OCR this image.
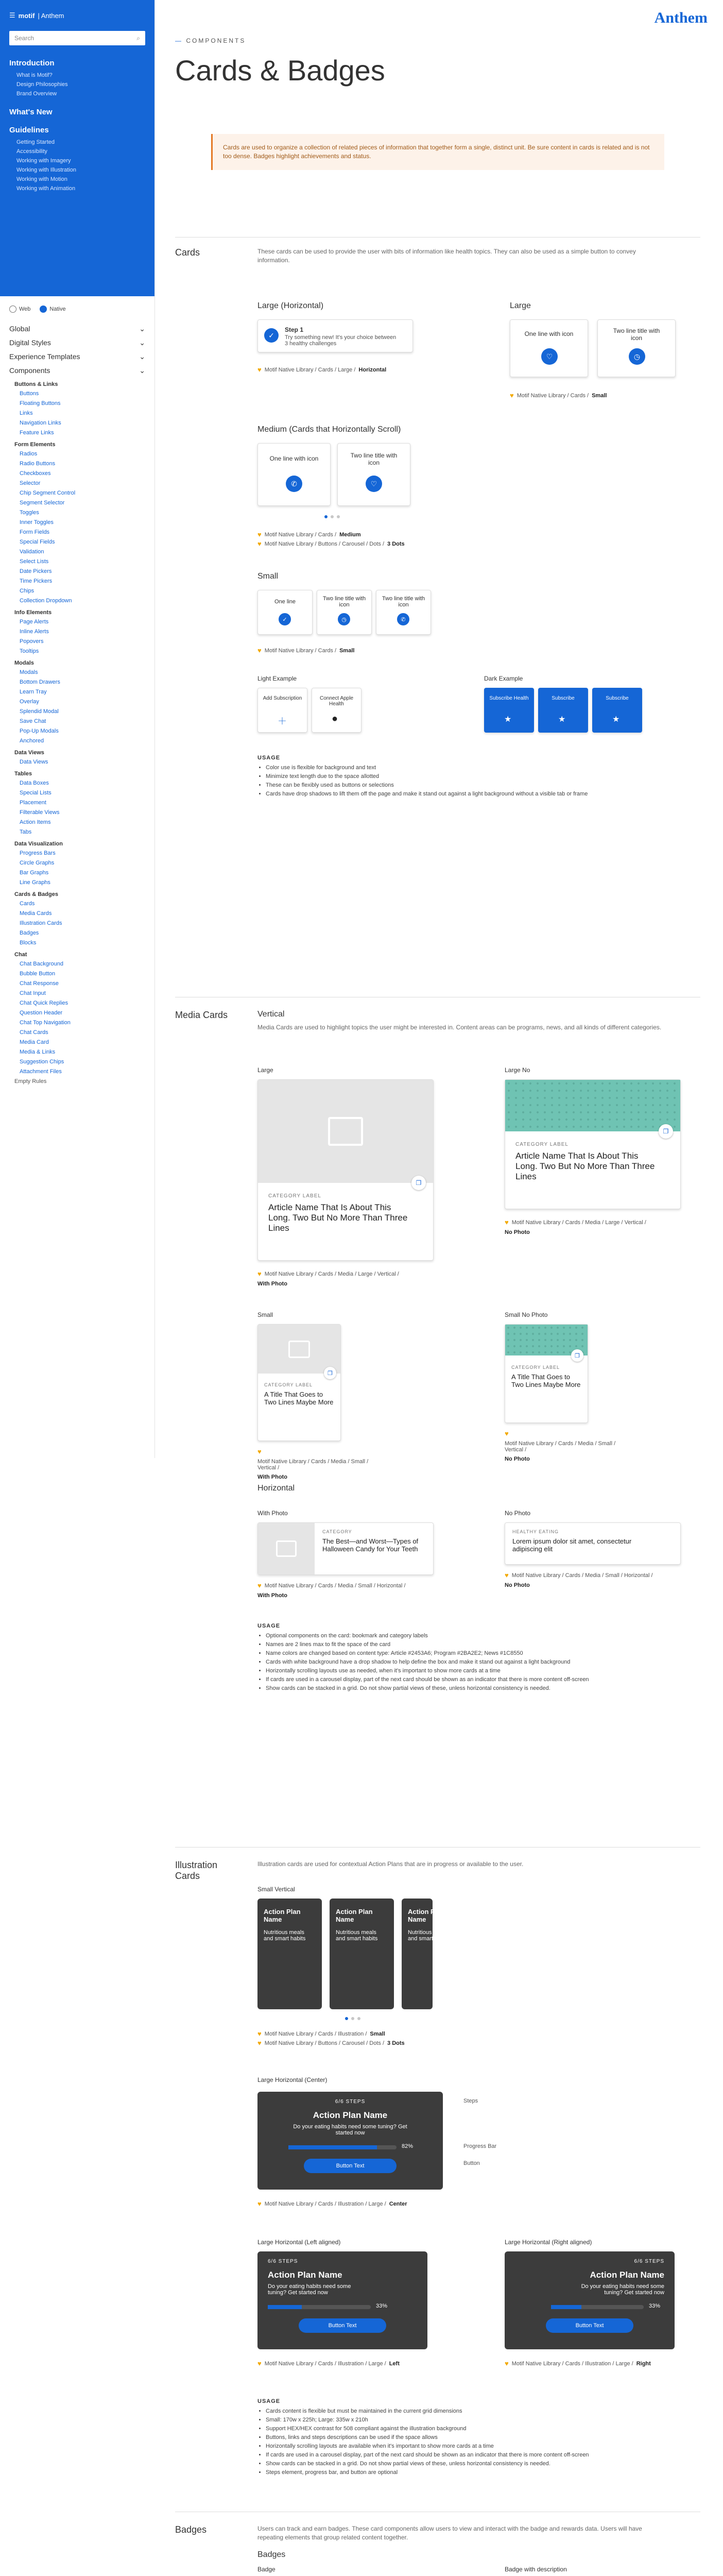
☰ motif | Anthem
Search	⌕
Introduction
What is Motif?
Design Philosophies
Brand Overview
What's New
Guidelines
Getting Started
Accessibility
Working with Imagery
Working with Illustration
Working with Motion
Working with Animation
Web	Native
Global	⌄
Digital Styles	⌄
Experience Templates	⌄
Components	⌄
Buttons & Links
Buttons
Floating Buttons
Links
Navigation Links
Feature Links
Form Elements
Radios
Radio Buttons
Checkboxes
Selector
Chip Segment Control
Segment Selector
Toggles
Inner Toggles
Form Fields
Special Fields
Validation
Select Lists
Date Pickers
Time Pickers
Chips
Collection Dropdown
Info Elements
Page Alerts
Inline Alerts
Popovers
Tooltips
Modals
Modals
Bottom Drawers
Learn Tray
Overlay
Splendid Modal
Save Chat
Pop-Up Modals
Anchored
Data Views
Data Views
Tables
Data Boxes
Special Lists
Placement
Filterable Views
Action Items
Tabs
Data Visualization
Progress Bars
Circle Graphs
Bar Graphs
Line Graphs
Cards & Badges
Cards
Media Cards
Illustration Cards
Badges
Blocks
Chat
Chat Background
Bubble Button
Chat Response
Chat Input
Chat Quick Replies
Question Header
Chat Top Navigation
Chat Cards
Media Card
Media & Links
Suggestion Chips
Attachment Files
Empty Rules
Anthem
— COMPONENTS
Cards & Badges
Cards are used to organize a collection of related pieces of information that together form a single, distinct unit. Be sure content in cards is related and is not too dense. Badges highlight achievements and status.
Cards	These cards can be used to provide the user with bits of information like health topics. They can also be used as a simple button to convey information.
Large (Horizontal)
✓
Step 1
Try something new! It's your choice between 3 healthy challenges
♥ Motif Native Library / Cards / Large / Horizontal
Large
One line with icon
♡
Two line title with icon
◷
♥ Motif Native Library / Cards / Small
Medium (Cards that Horizontally Scroll)
One line with icon
✆
Two line title with icon
♡
♥ Motif Native Library / Cards / Medium
♥ Motif Native Library / Buttons / Carousel / Dots / 3 Dots
Small
One line
✓
Two line title with icon
◷
Two line title with icon
✆
♥ Motif Native Library / Cards / Small
Light Example
Add Subscription
＋
Connect Apple Health
●
Dark Example
Subscribe Health
★
Subscribe
★
Subscribe
★
USAGE
• Color use is flexible for background and text
• Minimize text length due to the space allotted
• These can be flexibly used as buttons or selections
• Cards have drop shadows to lift them off the page and make it stand out against a light background without a visible tab or frame
Media Cards	Vertical
Media Cards are used to highlight topics the user might be interested in. Content areas can be programs, news, and all kinds of different categories.
Large
❐
CATEGORY LABEL
Article Name That Is About This Long. Two But No More Than Three Lines
♥ Motif Native Library / Cards / Media / Large / Vertical /
With Photo
Large No
❐
CATEGORY LABEL
Article Name That Is About This Long. Two But No More Than Three Lines
♥ Motif Native Library / Cards / Media / Large / Vertical /
No Photo
Small
❐
CATEGORY LABEL
A Title That Goes to Two Lines Maybe More
♥
Motif Native Library / Cards / Media / Small / Vertical /
With Photo
Small No Photo
❐
CATEGORY LABEL
A Title That Goes to Two Lines Maybe More
♥
Motif Native Library / Cards / Media / Small / Vertical /
No Photo
Horizontal
With Photo
CATEGORY
The Best—and Worst—Types of Halloween Candy for Your Teeth
♥ Motif Native Library / Cards / Media / Small / Horizontal /
With Photo
No Photo
HEALTHY EATING
Lorem ipsum dolor sit amet, consectetur adipiscing elit
♥ Motif Native Library / Cards / Media / Small / Horizontal /
No Photo
USAGE
• Optional components on the card: bookmark and category labels
• Names are 2 lines max to fit the space of the card
• Name colors are changed based on content type: Article #2453A6; Program #2BA2E2; News #1C8550
• Cards with white background have a drop shadow to help define the box and make it stand out against a light background
• Horizontally scrolling layouts use as needed, when it's important to show more cards at a time
• If cards are used in a carousel display, part of the next card should be shown as an indicator that there is more content off-screen
• Show cards can be stacked in a grid. Do not show partial views of these, unless horizontal consistency is needed.
Illustration Cards
Illustration cards are used for contextual Action Plans that are in progress or available to the user.
Small Vertical
Action Plan Name
Nutritious meals and smart habits
Action Plan Name
Nutritious meals and smart habits
Action Plan Name
Nutritious meals and smart habits
♥ Motif Native Library / Cards / Illustration / Small
♥ Motif Native Library / Buttons / Carousel / Dots / 3 Dots
Large Horizontal (Center)
6/6 STEPS
Action Plan Name
Do your eating habits need some tuning? Get started now
82%
Button Text
Steps
Progress Bar
Button
♥ Motif Native Library / Cards / Illustration / Large / Center
Large Horizontal (Left aligned)
6/6 STEPS
Action Plan Name
Do your eating habits need some tuning? Get started now
33%
Button Text
♥ Motif Native Library / Cards / Illustration / Large / Left
Large Horizontal (Right aligned)
6/6 STEPS
Action Plan Name
Do your eating habits need some tuning? Get started now
33%
Button Text
♥ Motif Native Library / Cards / Illustration / Large / Right
USAGE
• Cards content is flexible but must be maintained in the current grid dimensions
• Small: 170w x 225h; Large: 335w x 210h
• Support HEX/HEX contrast for 508 compliant against the illustration background
• Buttons, links and steps descriptions can be used if the space allows
• Horizontally scrolling layouts are available when it's important to show more cards at a time
• If cards are used in a carousel display, part of the next card should be shown as an indicator that there is more content off-screen
• Show cards can be stacked in a grid. Do not show partial views of these, unless horizontal consistency is needed.
• Steps element, progress bar, and button are optional
Badges	Users can track and earn badges. These card components allow users to view and interact with the badge and rewards data. Users will have repeating elements that group related content together.
Badges
Badge	Badge with description
